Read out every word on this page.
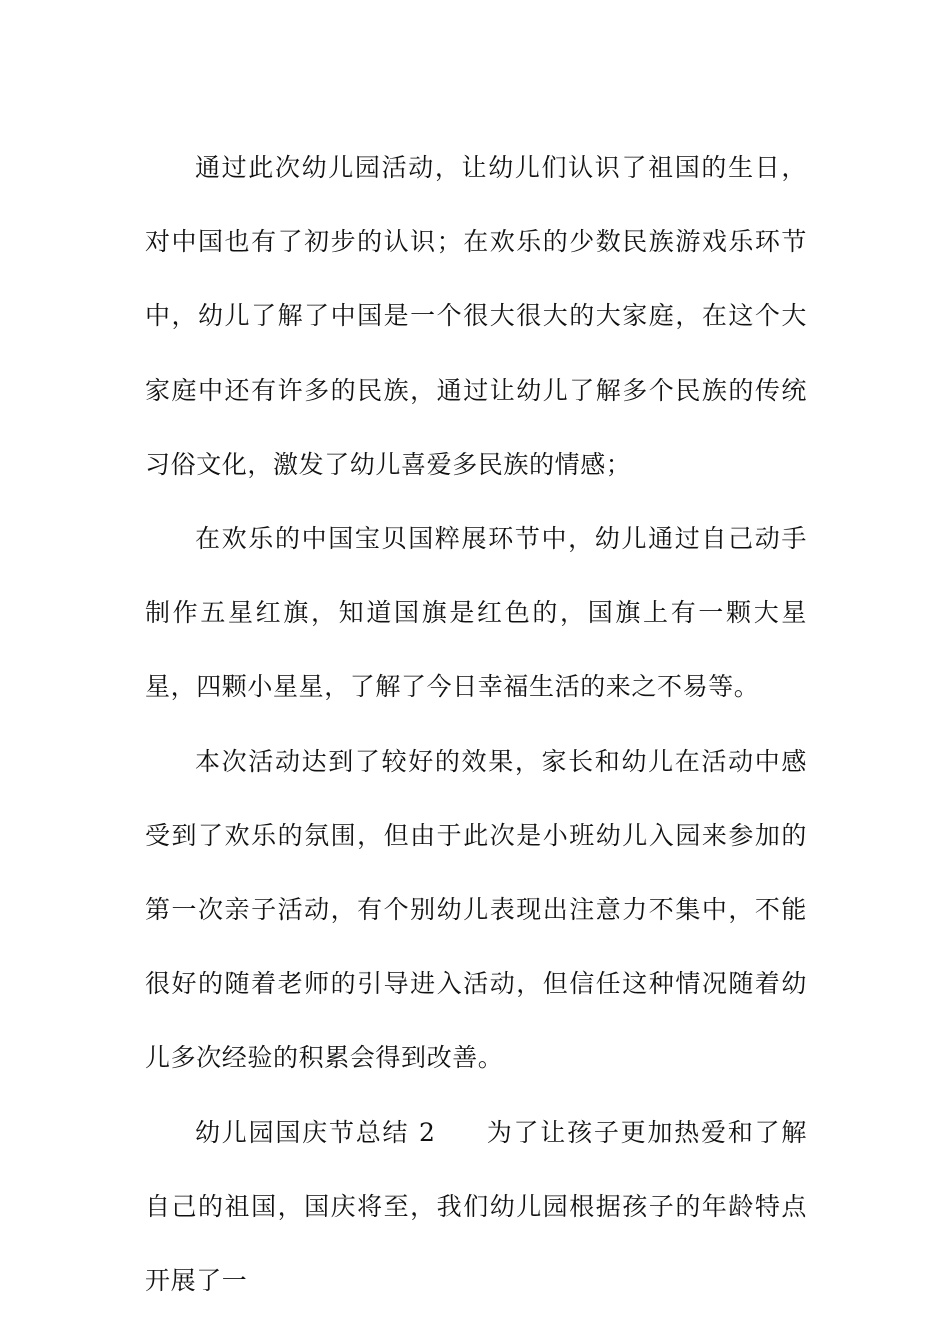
通过此次幼儿园活动，让幼儿们认识了祖国的生日，对中国也有了初步的认识；在欢乐的少数民族游戏乐环节中，幼儿了解了中国是一个很大很大的大家庭，在这个大家庭中还有许多的民族，通过让幼儿了解多个民族的传统习俗文化，激发了幼儿喜爱多民族的情感；

在欢乐的中国宝贝国粹展环节中，幼儿通过自己动手制作五星红旗，知道国旗是红色的，国旗上有一颗大星星，四颗小星星，了解了今日幸福生活的来之不易等。

本次活动达到了较好的效果，家长和幼儿在活动中感受到了欢乐的氛围，但由于此次是小班幼儿入园来参加的第一次亲子活动，有个别幼儿表现出注意力不集中，不能很好的随着老师的引导进入活动，但信任这种情况随着幼儿多次经验的积累会得到改善。

幼儿园国庆节总结 2 为了让孩子更加热爱和了解自己的祖国，国庆将至，我们幼儿园根据孩子的年龄特点开展了一
